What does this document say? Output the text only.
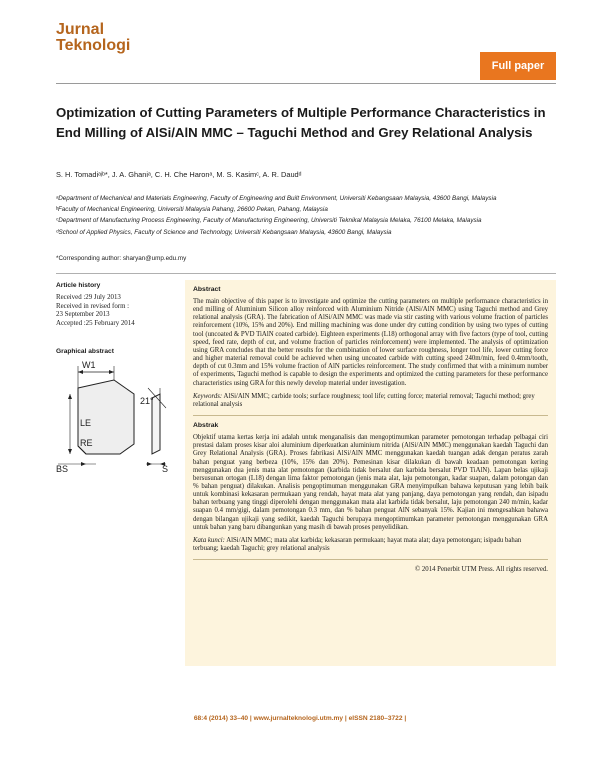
Jurnal
Teknologi
Full paper
Optimization of Cutting Parameters of Multiple Performance Characteristics in End Milling of AlSi/AlN MMC – Taguchi Method and Grey Relational Analysis
S. H. Tomadiᵃʲᵇ*, J. A. Ghaniᵃ, C. H. Che Haronᵃ, M. S. Kasimᶜ, A. R. Daudᵈ
ᵃDepartment of Mechanical and Materials Engineering, Faculty of Engineering and Built Environment, Universiti Kebangsaan Malaysia, 43600 Bangi, Malaysia
ᵇFaculty of Mechanical Engineering, Universiti Malaysia Pahang, 26600 Pekan, Pahang, Malaysia
ᶜDepartment of Manufacturing Process Engineering, Faculty of Manufacturing Engineering, Universiti Teknikal Malaysia Melaka, 76100 Melaka, Malaysia
ᵈSchool of Applied Physics, Faculty of Science and Technology, Universiti Kebangsaan Malaysia, 43600 Bangi, Malaysia
*Corresponding author: sharyan@ump.edu.my
Article history
Received :29 July 2013
Received in revised form :
23 September 2013
Accepted :25 February 2014
Graphical abstract
W1
21°
LE
RE
BS	S
Abstract
The main objective of this paper is to investigate and optimize the cutting parameters on multiple performance characteristics in end milling of Aluminium Silicon alloy reinforced with Aluminium Nitride (AlSi/AlN MMC) using Taguchi method and Grey relational analysis (GRA). The fabrication of AlSi/AlN MMC was made via stir casting with various volume fraction of particles reinforcement (10%, 15% and 20%). End milling machining was done under dry cutting condition by using two types of cutting tool (uncoated & PVD TiAlN coated carbide). Eighteen experiments (L18) orthogonal array with five factors (type of tool, cutting speed, feed rate, depth of cut, and volume fraction of particles reinforcement) were implemented. The analysis of optimization using GRA concludes that the better results for the combination of lower surface roughness, longer tool life, lower cutting force and higher material removal could be achieved when using uncoated carbide with cutting speed 240m/min, feed 0.4mm/tooth, depth of cut 0.3mm and 15% volume fraction of AlN particles reinforcement. The study confirmed that with a minimum number of experiments, Taguchi method is capable to design the experiments and optimized the cutting parameters for these performance characteristics using GRA for this newly develop material under investigation.
Keywords: AlSi/AlN MMC; carbide tools; surface roughness; tool life; cutting force; material removal; Taguchi method; grey relational analysis
Abstrak
Objektif utama kertas kerja ini adalah untuk menganalisis dan mengoptimumkan parameter pemotongan terhadap pelbagai ciri prestasi dalam proses kisar aloi aluminium diperkuatkan aluminium nitrida (AlSi/AlN MMC) menggunakan kaedah Taguchi dan Grey Relational Analysis (GRA). Proses fabrikasi AlSi/AlN MMC menggunakan kaedah tuangan adak dengan peratus zarah bahan penguat yang berbeza (10%, 15% dan 20%). Pemesinan kisar dilakukan di bawah keadaan pemotongan kering menggunakan dua jenis mata alat pemotongan (karbida tidak bersalut dan karbida bersalut PVD TiAlN). Lapan belas ujikaji bersusunan ortogan (L18) dengan lima faktor pemotongan (jenis mata alat, laju pemotongan, kadar suapan, dalam potongan dan % bahan penguat) dilakukan. Analisis pengoptimuman menggunakan GRA menyimpulkan bahawa keputusan yang lebih baik untuk kombinasi kekasaran permukaan yang rendah, hayat mata alat yang panjang, daya pemotongan yang rendah, dan isipadu bahan terbuang yang tinggi diperolehi dengan menggunakan mata alat karbida tidak bersalut, laju pemotongan 240 m/min, kadar suapan 0.4 mm/gigi, dalam pemotongan 0.3 mm, dan % bahan penguat AlN sebanyak 15%. Kajian ini mengesahkan bahawa dengan bilangan ujikaji yang sedikit, kaedah Taguchi berupaya mengoptimumkan parameter pemotongan menggunakan GRA untuk bahan yang baru dibangunkan yang masih di bawah proses penyelidikan.
Kata kunci: AlSi/AlN MMC; mata alat karbida; kekasaran permukaan; hayat mata alat; daya pemotongan; isipadu bahan terbuang; kaedah Taguchi; grey relational analysis
© 2014 Penerbit UTM Press. All rights reserved.
68:4 (2014) 33–40 | www.jurnalteknologi.utm.my | eISSN 2180–3722 |
